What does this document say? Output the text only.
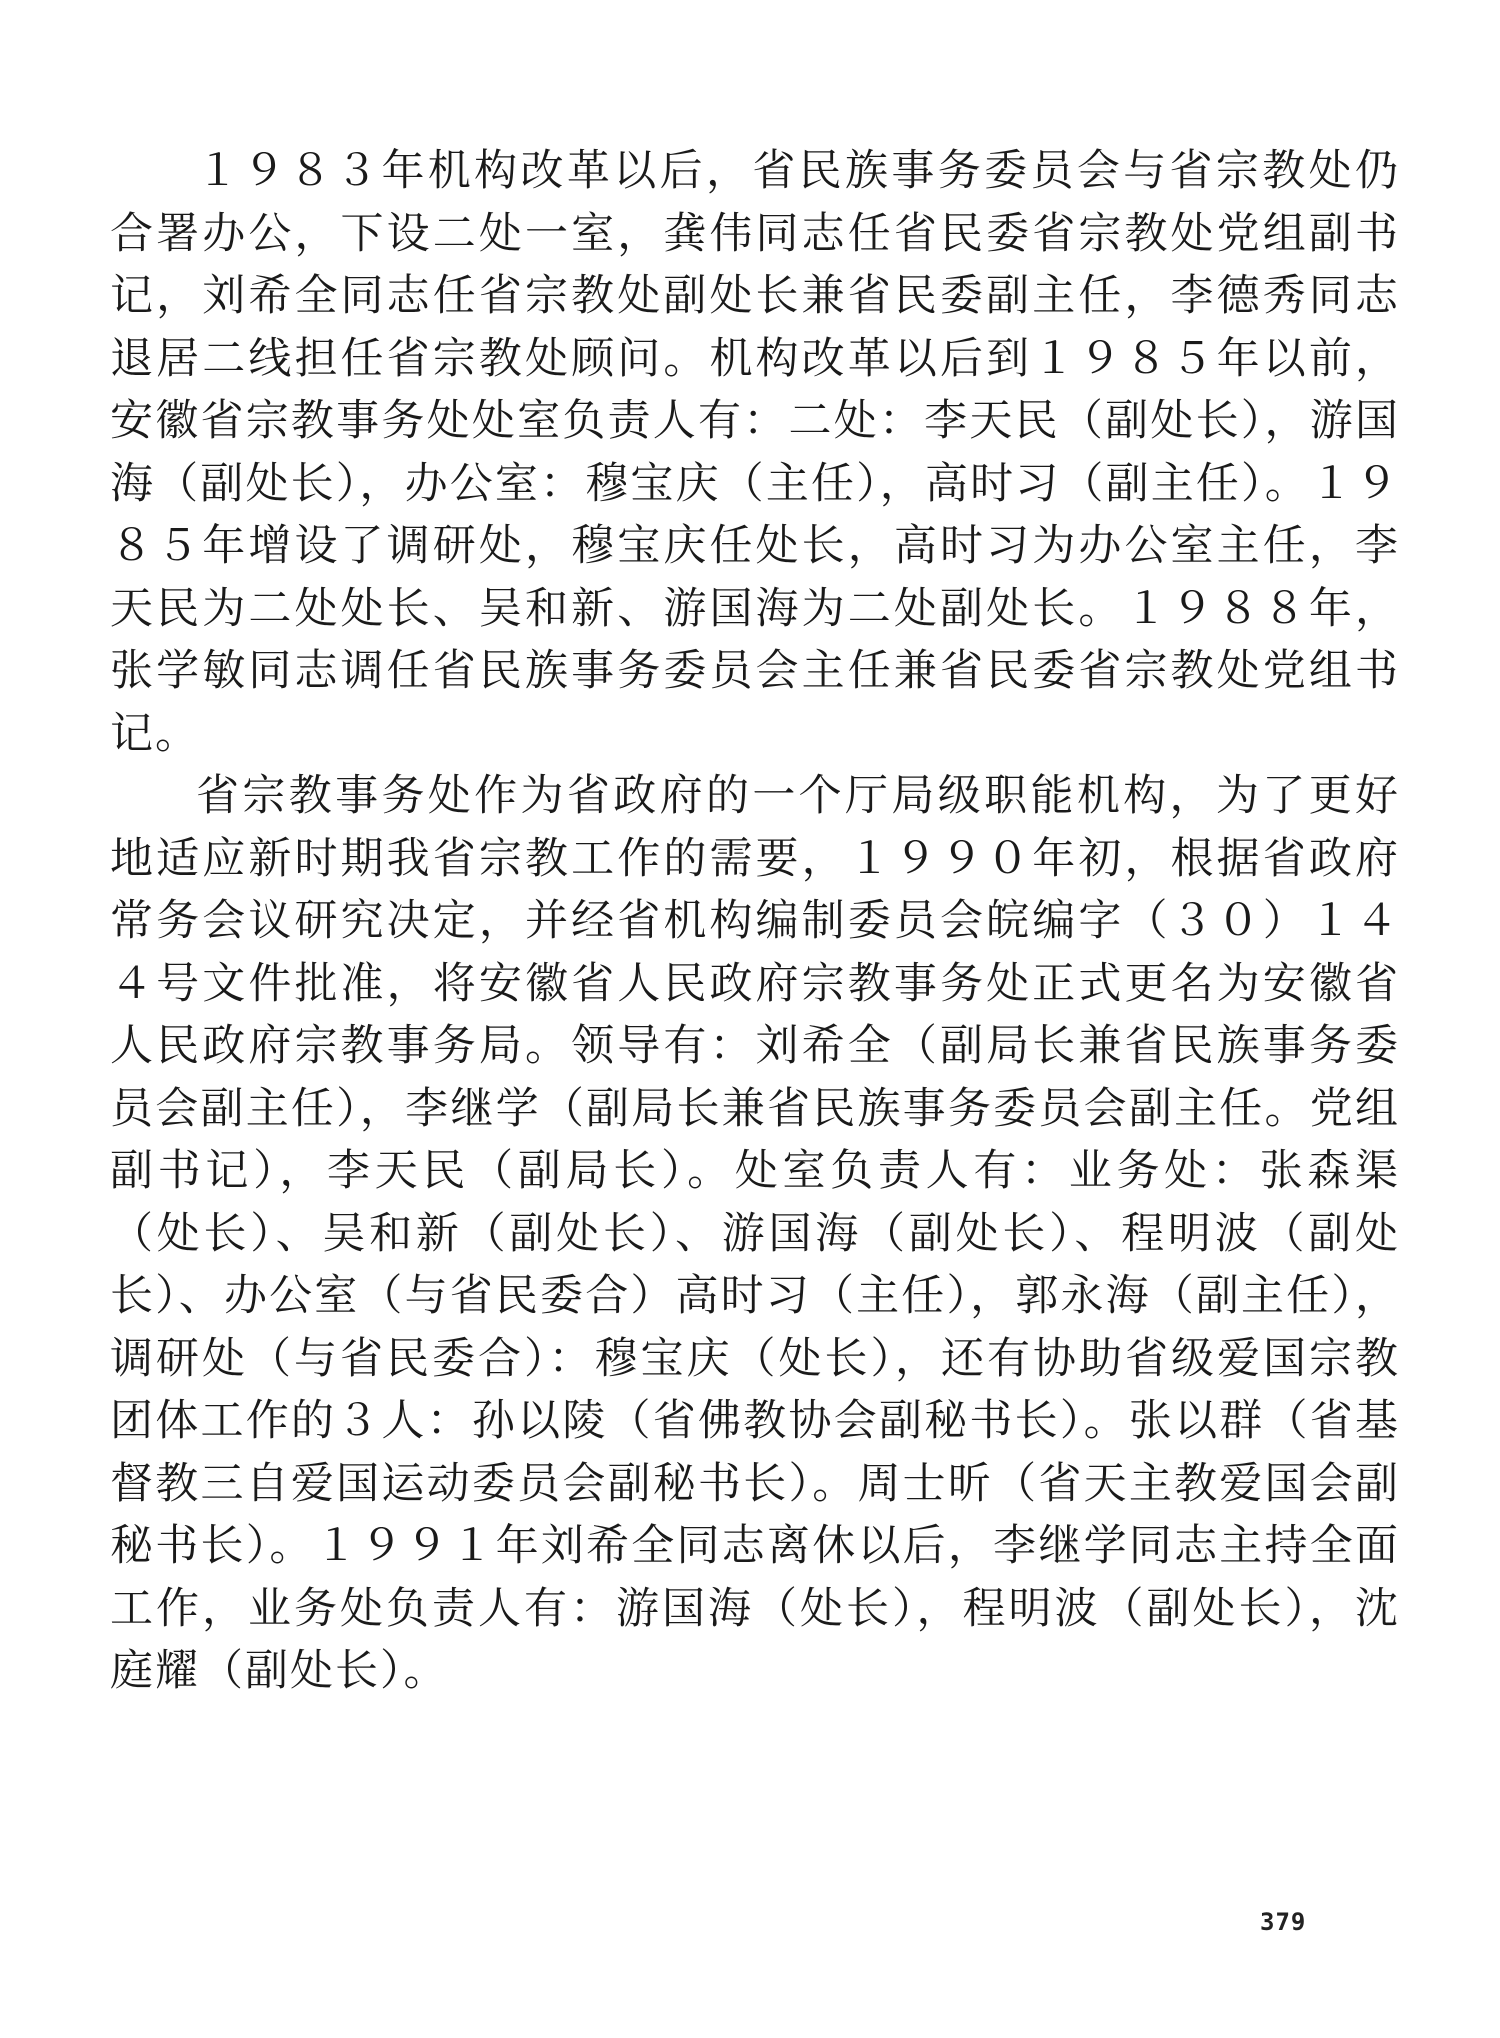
１９８３年机构改革以后，省民族事务委员会与省宗教处仍合署办公，下设二处一室，龚伟同志任省民委省宗教处党组副书记，刘希全同志任省宗教处副处长兼省民委副主任，李德秀同志退居二线担任省宗教处顾问。机构改革以后到１９８５年以前，安徽省宗教事务处处室负责人有：二处：李天民（副处长），游国海（副处长），办公室：穆宝庆（主任），高时习（副主任）。１９８５年增设了调研处，穆宝庆任处长，高时习为办公室主任，李天民为二处处长、吴和新、游国海为二处副处长。１９８８年，张学敏同志调任省民族事务委员会主任兼省民委省宗教处党组书记。

省宗教事务处作为省政府的一个厅局级职能机构，为了更好地适应新时期我省宗教工作的需要，１９９０年初，根据省政府常务会议研究决定，并经省机构编制委员会皖编字（３０）１４４号文件批准，将安徽省人民政府宗教事务处正式更名为安徽省人民政府宗教事务局。领导有：刘希全（副局长兼省民族事务委员会副主任），李继学（副局长兼省民族事务委员会副主任。党组副书记），李天民（副局长）。处室负责人有：业务处：张森渠（处长）、吴和新（副处长）、游国海（副处长）、程明波（副处长）、办公室（与省民委合）高时习（主任），郭永海（副主任），调研处（与省民委合）：穆宝庆（处长），还有协助省级爱国宗教团体工作的３人：孙以陵（省佛教协会副秘书长）。张以群（省基督教三自爱国运动委员会副秘书长）。周士昕（省天主教爱国会副秘书长）。１９９１年刘希全同志离休以后，李继学同志主持全面工作，业务处负责人有：游国海（处长），程明波（副处长），沈庭耀（副处长）。

379
